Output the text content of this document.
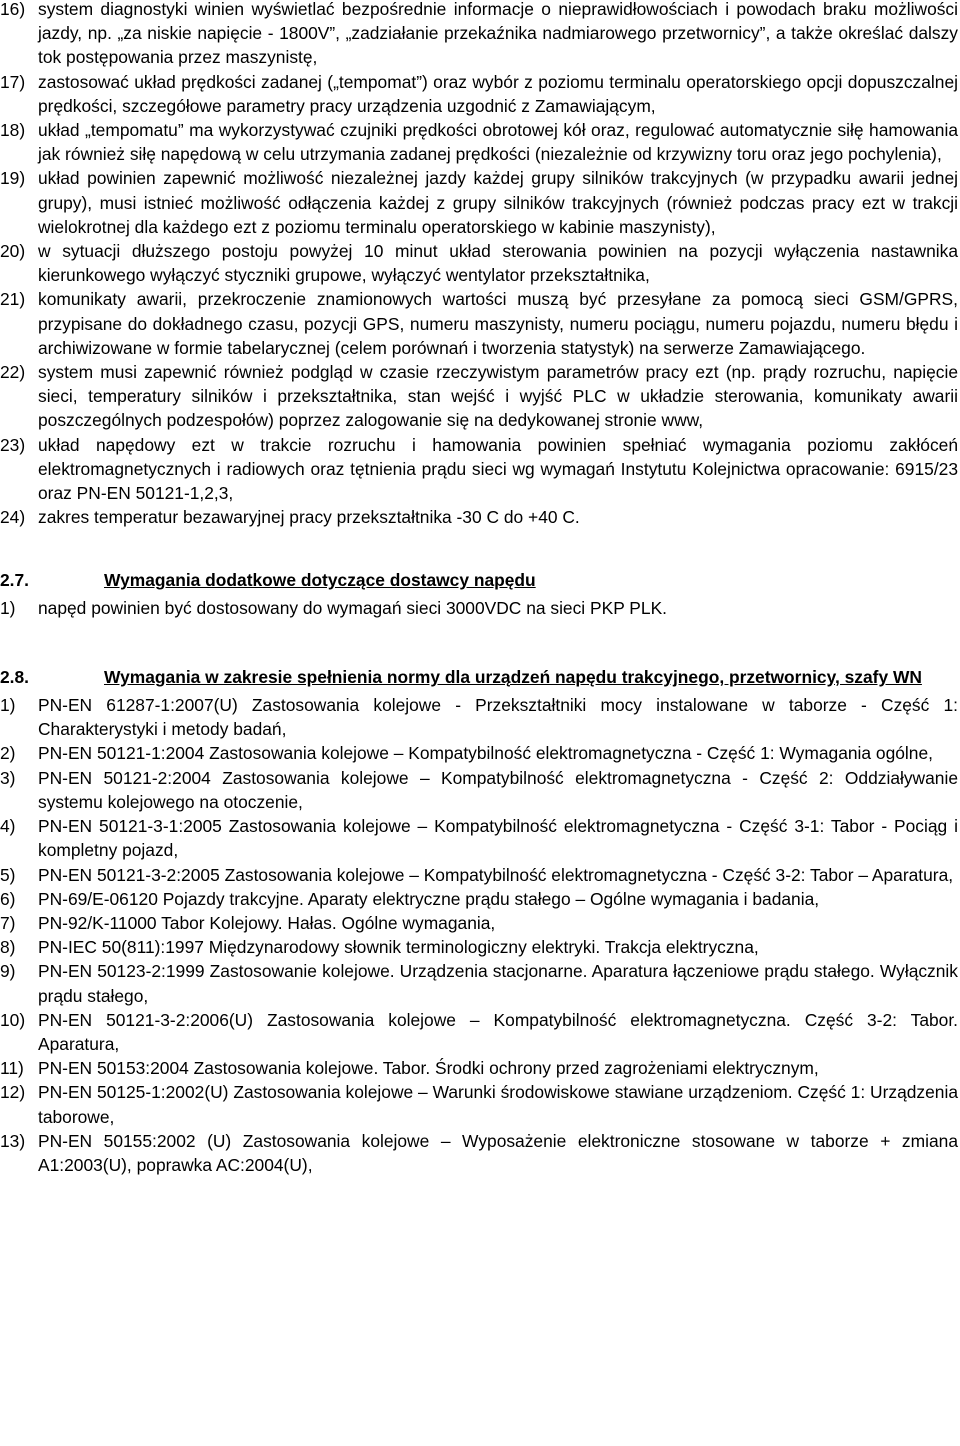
16) system diagnostyki winien wyświetlać bezpośrednie informacje o nieprawidłowościach i powodach braku możliwości jazdy, np. „za niskie napięcie - 1800V”, „zadziałanie przekaźnika nadmiarowego przetwornicy”, a także określać dalszy tok postępowania przez maszynistę,
17) zastosować układ prędkości zadanej („tempomat”) oraz wybór z poziomu terminalu operatorskiego opcji dopuszczalnej prędkości, szczegółowe parametry pracy urządzenia uzgodnić z Zamawiającym,
18) układ „tempomatu” ma wykorzystywać czujniki prędkości obrotowej kół oraz, regulować automatycznie siłę hamowania jak również siłę napędową w celu utrzymania zadanej prędkości (niezależnie od krzywizny toru oraz jego pochylenia),
19) układ powinien zapewnić możliwość niezależnej jazdy każdej grupy silników trakcyjnych (w przypadku awarii jednej grupy), musi istnieć możliwość odłączenia każdej z grupy silników trakcyjnych (również podczas pracy ezt w trakcji wielokrotnej dla każdego ezt z poziomu terminalu operatorskiego w kabinie maszynisty),
20) w sytuacji dłuższego postoju powyżej 10 minut układ sterowania powinien na pozycji wyłączenia nastawnika kierunkowego wyłączyć styczniki grupowe, wyłączyć wentylator przekształtnika,
21) komunikaty awarii, przekroczenie znamionowych wartości muszą być przesyłane za pomocą sieci GSM/GPRS, przypisane do dokładnego czasu, pozycji GPS, numeru maszynisty, numeru pociągu, numeru pojazdu, numeru błędu i archiwizowane w formie tabelarycznej (celem porównań i tworzenia statystyk) na serwerze Zamawiającego.
22) system musi zapewnić również podgląd w czasie rzeczywistym parametrów pracy ezt (np. prądy rozruchu, napięcie sieci, temperatury silników i przekształtnika, stan wejść i wyjść PLC w układzie sterowania, komunikaty awarii poszczególnych podzespołów) poprzez zalogowanie się na dedykowanej stronie www,
23) układ napędowy ezt w trakcie rozruchu i hamowania powinien spełniać wymagania poziomu zakłóceń elektromagnetycznych i radiowych oraz tętnienia prądu sieci wg wymagań Instytutu Kolejnictwa opracowanie: 6915/23 oraz PN-EN 50121-1,2,3,
24) zakres temperatur bezawaryjnej pracy przekształtnika -30 C do +40 C.
2.7.	Wymagania dodatkowe dotyczące dostawcy napędu
1)	napęd powinien być dostosowany do wymagań sieci 3000VDC na sieci PKP PLK.
2.8.	Wymagania w zakresie spełnienia normy dla urządzeń napędu trakcyjnego, przetwornicy, szafy WN
1)	PN-EN 61287-1:2007(U) Zastosowania kolejowe - Przekształtniki mocy instalowane w taborze - Część 1: Charakterystyki i metody badań,
2)	PN-EN 50121-1:2004 Zastosowania kolejowe – Kompatybilność elektromagnetyczna - Część 1: Wymagania ogólne,
3)	PN-EN 50121-2:2004 Zastosowania kolejowe – Kompatybilność elektromagnetyczna - Część 2: Oddziaływanie systemu kolejowego na otoczenie,
4)	PN-EN 50121-3-1:2005 Zastosowania kolejowe – Kompatybilność elektromagnetyczna - Część 3-1: Tabor - Pociąg i kompletny pojazd,
5)	PN-EN 50121-3-2:2005 Zastosowania kolejowe – Kompatybilność elektromagnetyczna - Część 3-2: Tabor – Aparatura,
6)	PN-69/E-06120 Pojazdy trakcyjne. Aparaty elektryczne prądu stałego – Ogólne wymagania i badania,
7)	PN-92/K-11000 Tabor Kolejowy. Hałas. Ogólne wymagania,
8)	PN-IEC 50(811):1997 Międzynarodowy słownik terminologiczny elektryki. Trakcja elektryczna,
9)	PN-EN 50123-2:1999 Zastosowanie kolejowe. Urządzenia stacjonarne. Aparatura łączeniowe prądu stałego. Wyłącznik prądu stałego,
10) PN-EN 50121-3-2:2006(U) Zastosowania kolejowe – Kompatybilność elektromagnetyczna. Część 3-2: Tabor. Aparatura,
11) PN-EN 50153:2004 Zastosowania kolejowe. Tabor. Środki ochrony przed zagrożeniami elektrycznym,
12) PN-EN 50125-1:2002(U) Zastosowania kolejowe – Warunki środowiskowe stawiane urządzeniom. Część 1: Urządzenia taborowe,
13) PN-EN 50155:2002 (U) Zastosowania kolejowe – Wyposażenie elektroniczne stosowane w taborze + zmiana A1:2003(U), poprawka AC:2004(U),
